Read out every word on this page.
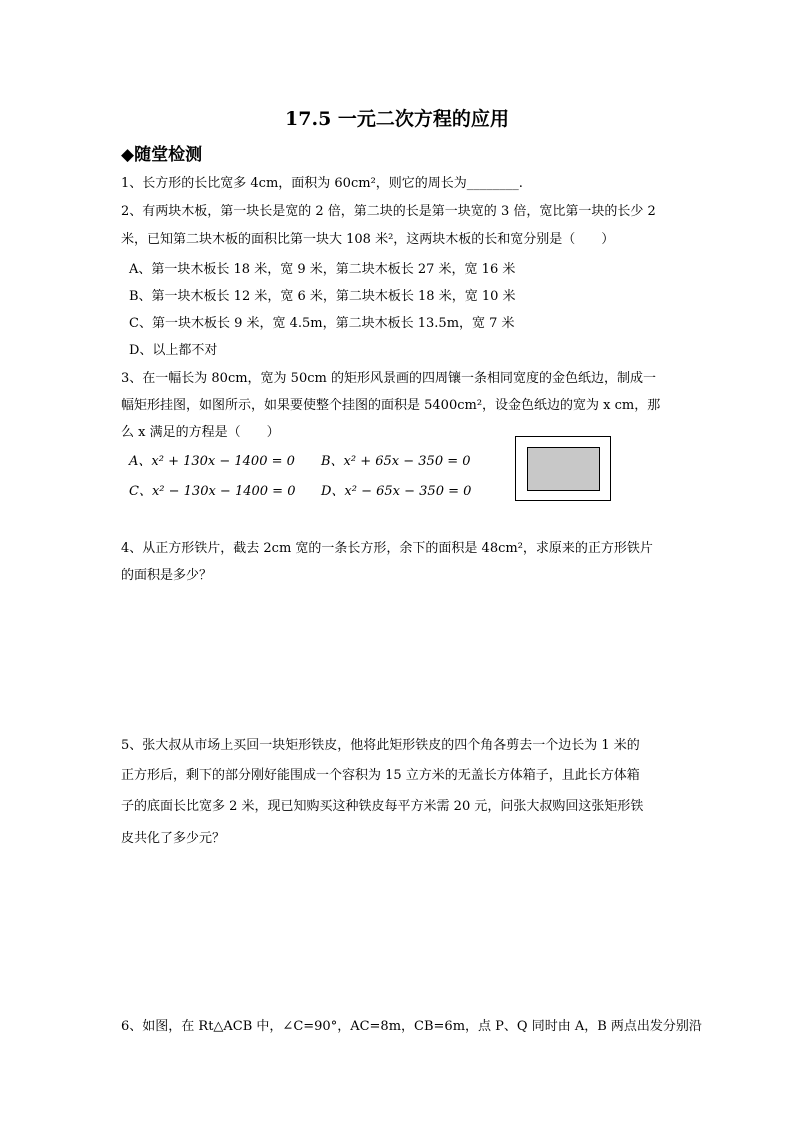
17.5 一元二次方程的应用
◆随堂检测
1、长方形的长比宽多 4cm，面积为 60cm²，则它的周长为________.
2、有两块木板，第一块长是宽的 2 倍，第二块的长是第一块宽的 3 倍，宽比第一块的长少 2
米，已知第二块木板的面积比第一块大 108 米²，这两块木板的长和宽分别是（　　）
A、第一块木板长 18 米，宽 9 米，第二块木板长 27 米，宽 16 米
B、第一块木板长 12 米，宽 6 米，第二块木板长 18 米，宽 10 米
C、第一块木板长 9 米，宽 4.5m，第二块木板长 13.5m，宽 7 米
D、以上都不对
3、在一幅长为 80cm，宽为 50cm 的矩形风景画的四周镶一条相同宽度的金色纸边，制成一
幅矩形挂图，如图所示，如果要使整个挂图的面积是 5400cm²，设金色纸边的宽为 x cm，那
么 x 满足的方程是（　　）
A、x² + 130x − 1400 = 0 B、x² + 65x − 350 = 0
C、x² − 130x − 1400 = 0 D、x² − 65x − 350 = 0
4、从正方形铁片，截去 2cm 宽的一条长方形，余下的面积是 48cm²，求原来的正方形铁片
的面积是多少？
5、张大叔从市场上买回一块矩形铁皮，他将此矩形铁皮的四个角各剪去一个边长为 1 米的
正方形后，剩下的部分刚好能围成一个容积为 15 立方米的无盖长方体箱子，且此长方体箱
子的底面长比宽多 2 米，现已知购买这种铁皮每平方米需 20 元，问张大叔购回这张矩形铁
皮共化了多少元？
6、如图，在 Rt△ACB 中，∠C=90°，AC=8m，CB=6m，点 P、Q 同时由 A，B 两点出发分别沿
